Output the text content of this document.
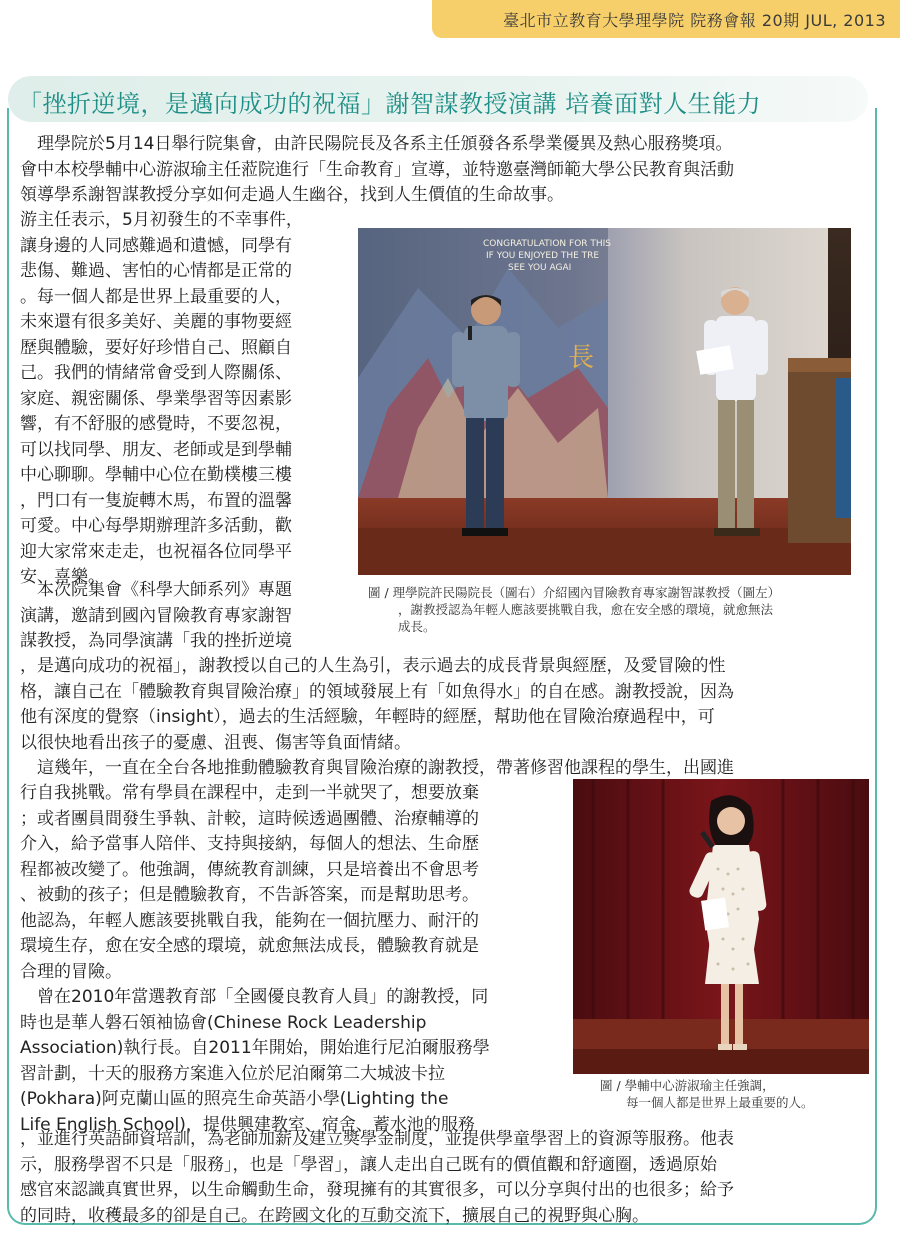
臺北市立教育大學理學院 院務會報 20期 JUL, 2013
「挫折逆境，是邁向成功的祝福」謝智謀教授演講 培養面對人生能力
理學院於5月14日舉行院集會，由許民陽院長及各系主任頒發各系學業優異及熱心服務獎項。
會中本校學輔中心游淑瑜主任蒞院進行「生命教育」宣導，並特邀臺灣師範大學公民教育與活動
領導學系謝智謀教授分享如何走過人生幽谷，找到人生價值的生命故事。
游主任表示，5月初發生的不幸事件，
讓身邊的人同感難過和遺憾，同學有
悲傷、難過、害怕的心情都是正常的
。每一個人都是世界上最重要的人，
未來還有很多美好、美麗的事物要經
歷與體驗，要好好珍惜自己、照顧自
己。我們的情緒常會受到人際關係、
家庭、親密關係、學業學習等因素影
響，有不舒服的感覺時，不要忽視，
可以找同學、朋友、老師或是到學輔
中心聊聊。學輔中心位在勤樸樓三樓
，門口有一隻旋轉木馬，布置的溫馨
可愛。中心每學期辦理許多活動，歡
迎大家常來走走，也祝福各位同學平
安、喜樂。
本次院集會《科學大師系列》專題
演講，邀請到國內冒險教育專家謝智
謀教授，為同學演講「我的挫折逆境
，是邁向成功的祝福」，謝教授以自己的人生為引，表示過去的成長背景與經歷，及愛冒險的性
格，讓自己在「體驗教育與冒險治療」的領域發展上有「如魚得水」的自在感。謝教授說，因為
他有深度的覺察（insight），過去的生活經驗，年輕時的經歷，幫助他在冒險治療過程中，可
以很快地看出孩子的憂慮、沮喪、傷害等負面情緒。
這幾年，一直在全台各地推動體驗教育與冒險治療的謝教授，帶著修習他課程的學生，出國進
行自我挑戰。常有學員在課程中，走到一半就哭了，想要放棄
；或者團員間發生爭執、計較，這時候透過團體、治療輔導的
介入，給予當事人陪伴、支持與接納，每個人的想法、生命歷
程都被改變了。他強調，傳統教育訓練，只是培養出不會思考
、被動的孩子；但是體驗教育，不告訴答案，而是幫助思考。
他認為，年輕人應該要挑戰自我，能夠在一個抗壓力、耐汗的
環境生存，愈在安全感的環境，就愈無法成長，體驗教育就是
合理的冒險。
曾在2010年當選教育部「全國優良教育人員」的謝教授，同
時也是華人磐石領袖協會(Chinese Rock Leadership
Association)執行長。自2011年開始，開始進行尼泊爾服務學
習計劃，十天的服務方案進入位於尼泊爾第二大城波卡拉
(Pokhara)阿克蘭山區的照亮生命英語小學(Lighting the
Life English School)，提供興建教室、宿舍、蓄水池的服務
，並進行英語師資培訓，為老師加薪及建立獎學金制度，並提供學童學習上的資源等服務。他表
示，服務學習不只是「服務」，也是「學習」，讓人走出自己既有的價值觀和舒適圈，透過原始
感官來認識真實世界，以生命觸動生命，發現擁有的其實很多，可以分享與付出的也很多；給予
的同時，收穫最多的卻是自己。在跨國文化的互動交流下，擴展自己的視野與心胸。
CONGRATULATION FOR THIS
IF YOU ENJOYED THE TRE
SEE YOU AGAI
長
圖 / 理學院許民陽院長（圖右）介紹國內冒險教育專家謝智謀教授（圖左）
，謝教授認為年輕人應該要挑戰自我，愈在安全感的環境，就愈無法
成長。
圖 / 學輔中心游淑瑜主任強調，
每一個人都是世界上最重要的人。
